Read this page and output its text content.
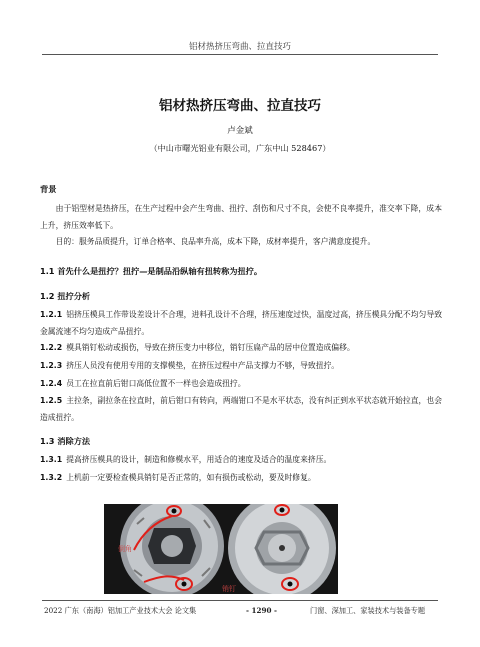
铝材热挤压弯曲、拉直技巧
铝材热挤压弯曲、拉直技巧
卢金斌
（中山市曙光铝业有限公司，广东中山 528467）
背景

由于铝型材是热挤压，在生产过程中会产生弯曲、扭拧、刮伤和尺寸不良，会使不良率提升，准交率下降，成本上升，挤压效率低下。

目的：服务品质提升，订单合格率、良品率升高，成本下降，成材率提升，客户满意度提升。

1.1 首先什么是扭拧？扭拧—是制品沿纵轴有扭转称为扭拧。
1.2 扭拧分析

1.2.1 铝挤压模具工作带设差设计不合理，进料孔设计不合理，挤压速度过快，温度过高，挤压模具分配不均匀导致金属流速不均匀造成产品扭拧。

1.2.2 模具销钉松动或损伤，导致在挤压变力中移位，销钉压扁产品的居中位置造成偏移。

1.2.3 挤压人员没有使用专用的支撑模垫，在挤压过程中产品支撑力不够，导致扭拧。

1.2.4 员工在拉直前后钳口高低位置不一样也会造成扭拧。

1.2.5 主拉条，副拉条在拉直时，前后钳口有转向，两端钳口不是水平状态，没有纠正到水平状态就开始拉直，也会造成扭拧。

1.3 消除方法

1.3.1 提高挤压模具的设计，制造和修模水平，用适合的速度及适合的温度来挤压。

1.3.2 上机前一定要检查模具销钉是否正常的，如有损伤或松动，要及时修复。

倒角
销钉
2022 广东（南海）铝加工产业技术大会 论文集	- 1290 -	门窗、深加工、家装技术与装备专题
